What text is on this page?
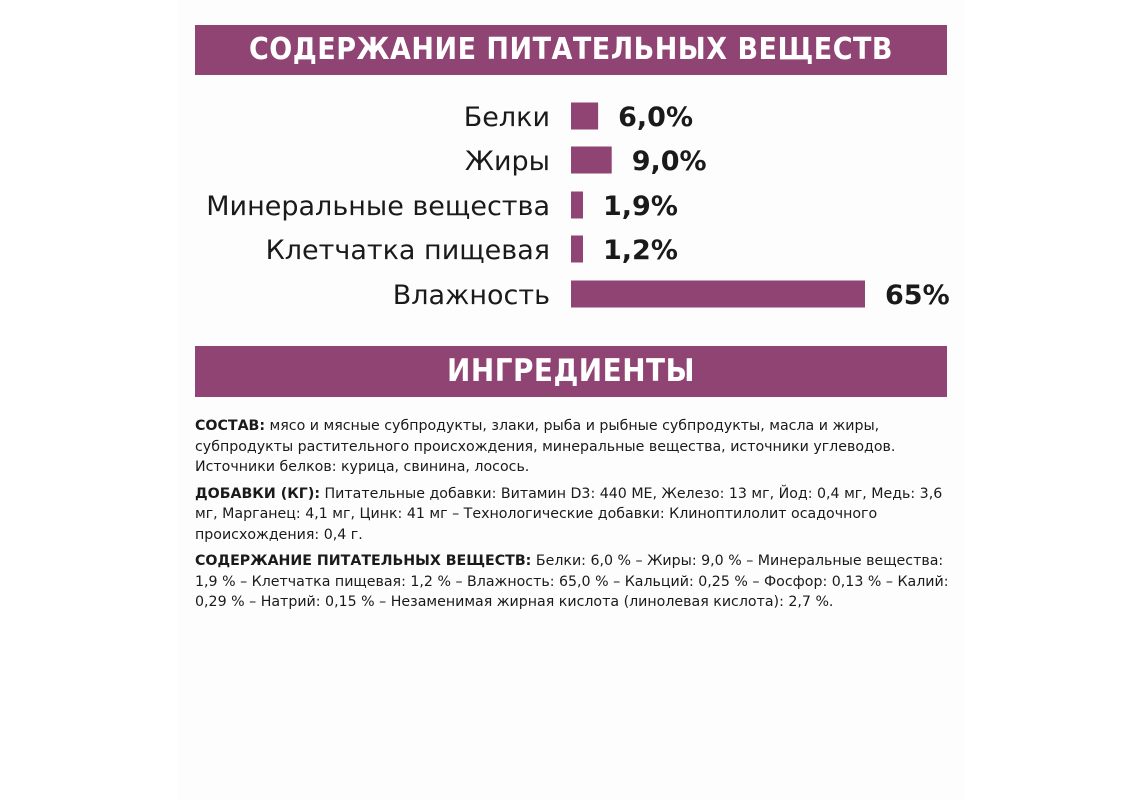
СОДЕРЖАНИЕ ПИТАТЕЛЬНЫХ ВЕЩЕСТВ
Белки	6,0%
Жиры	9,0%
Минеральные вещества 1,9%
Клетчатка пищевая 1,2%
Влажность	65%
ИНГРЕДИЕНТЫ

СОСТАВ: мясо и мясные субпродукты, злаки, рыба и рыбные субпродукты, масла и жиры, субпродукты растительного происхождения, минеральные вещества, источники углеводов. Источники белков: курица, свинина, лосось.

ДОБАВКИ (КГ): Питательные добавки: Витамин D3: 440 МЕ, Железо: 13 мг, Йод: 0,4 мг, Медь: 3,6 мг, Марганец: 4,1 мг, Цинк: 41 мг – Технологические добавки: Клиноптилолит осадочного происхождения: 0,4 г.

СОДЕРЖАНИЕ ПИТАТЕЛЬНЫХ ВЕЩЕСТВ: Белки: 6,0 % – Жиры: 9,0 % – Минеральные вещества: 1,9 % – Клетчатка пищевая: 1,2 % – Влажность: 65,0 % – Кальций: 0,25 % – Фосфор: 0,13 % – Калий: 0,29 % – Натрий: 0,15 % – Незаменимая жирная кислота (линолевая кислота): 2,7 %.
